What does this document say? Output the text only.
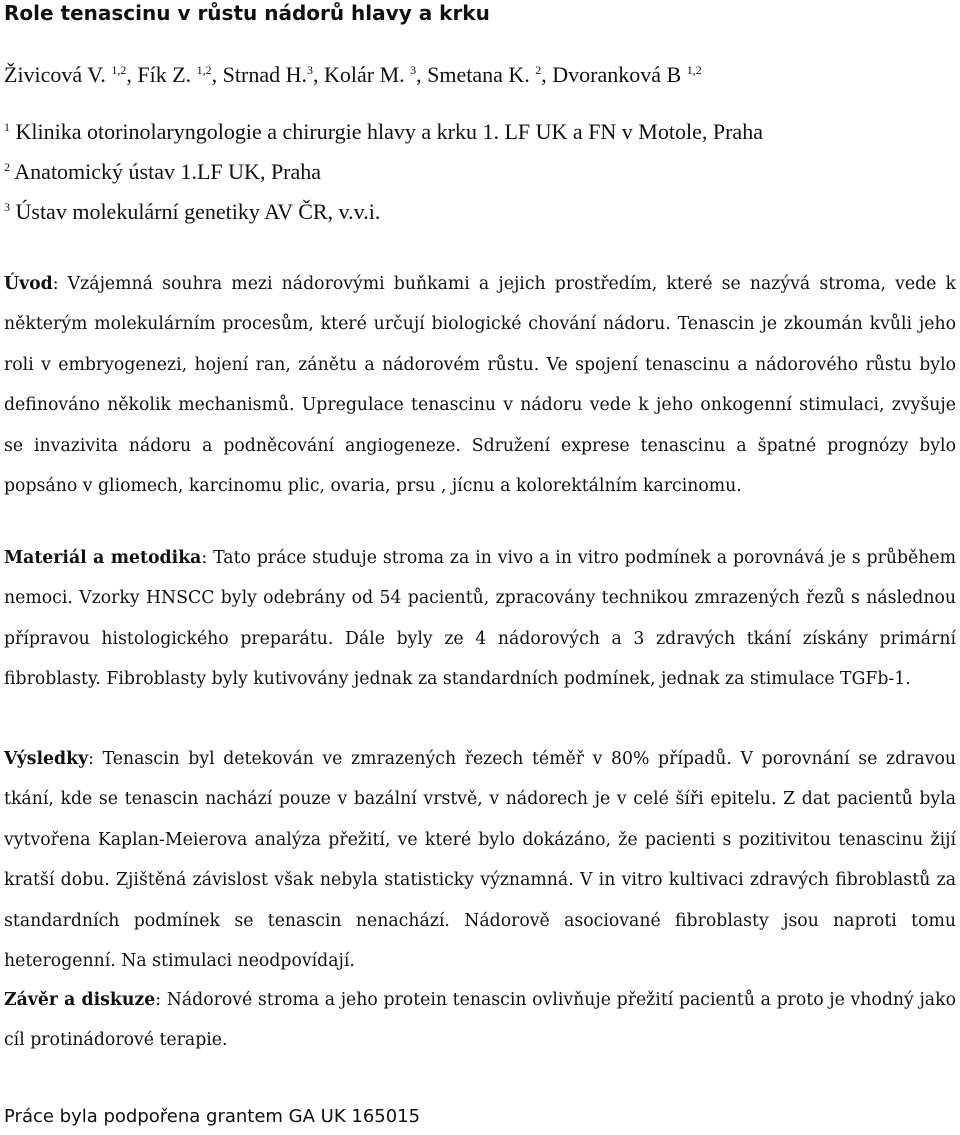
Role tenascinu v růstu nádorů hlavy a krku
Živicová V. $^{1,2}$, Fík Z. $^{1,2}$, Strnad H.$^3$, Kolár M. $^3$, Smetana K. $^2$, Dvoranková B $^{1,2}$
$^1$ Klinika otorinolaryngologie a chirurgie hlavy a krku 1. LF UK a FN v Motole, Praha
$^2$ Anatomický ústav 1.LF UK, Praha
$^3$ Ústav molekulární genetiky AV ČR, v.v.i.

Úvod: Vzájemná souhra mezi nádorovými buňkami a jejich prostředím, které se nazývá stroma, vede k některým molekulárním procesům, které určují biologické chování nádoru. Tenascin je zkoumán kvůli jeho roli v embryogenezi, hojení ran, zánětu a nádorovém růstu. Ve spojení tenascinu a nádorového růstu bylo definováno několik mechanismů. Upregulace tenascinu v nádoru vede k jeho onkogenní stimulaci, zvyšuje se invazivita nádoru a podněcování angiogeneze. Sdružení exprese tenascinu a špatné prognózy bylo popsáno v gliomech, karcinomu plic, ovaria, prsu , jícnu a kolorektálním karcinomu.

Materiál a metodika: Tato práce studuje stroma za in vivo a in vitro podmínek a porovnává je s průběhem nemoci. Vzorky HNSCC byly odebrány od 54 pacientů, zpracovány technikou zmrazených řezů s následnou přípravou histologického preparátu. Dále byly ze 4 nádorových a 3 zdravých tkání získány primární fibroblasty. Fibroblasty byly kutivovány jednak za standardních podmínek, jednak za stimulace TGFb-1.

Výsledky: Tenascin byl detekován ve zmrazených řezech téměř v 80% případů. V porovnání se zdravou tkání, kde se tenascin nachází pouze v bazální vrstvě, v nádorech je v celé šíři epitelu. Z dat pacientů byla vytvořena Kaplan-Meierova analýza přežití, ve které bylo dokázáno, že pacienti s pozitivitou tenascinu žijí kratší dobu. Zjištěná závislost však nebyla statisticky významná. V in vitro kultivaci zdravých fibroblastů za standardních podmínek se tenascin nenachází. Nádorově asociované fibroblasty jsou naproti tomu heterogenní. Na stimulaci neodpovídají.

Závěr a diskuze: Nádorové stroma a jeho protein tenascin ovlivňuje přežití pacientů a proto je vhodný jako cíl protinádorové terapie.

Práce byla podpořena grantem GA UK 165015
